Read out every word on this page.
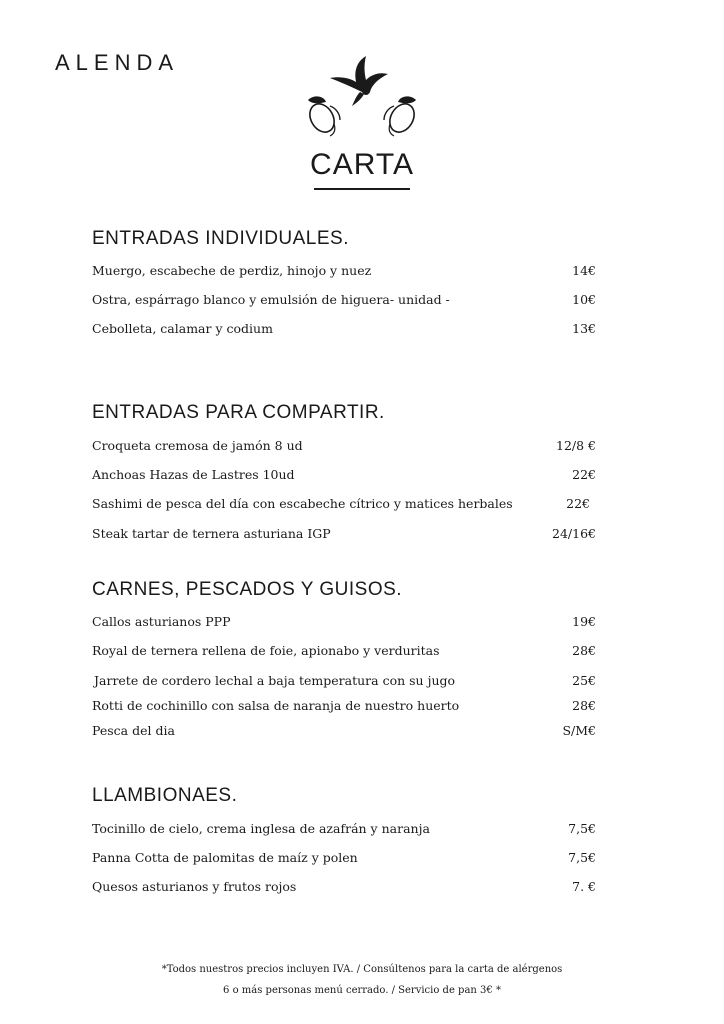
ALENDA
CARTA
ENTRADAS INDIVIDUALES.
Muergo, escabeche de perdiz, hinojo y nuez	14€
Ostra, espárrago blanco y emulsión de higuera- unidad -	10€
Cebolleta, calamar y codium	13€
ENTRADAS PARA COMPARTIR.
Croqueta cremosa de jamón 8 ud	12/8 €
Anchoas Hazas de Lastres 10ud	22€
Sashimi de pesca del día con escabeche cítrico y matices herbales	22€
Steak tartar de ternera asturiana IGP	24/16€
CARNES, PESCADOS Y GUISOS.
Callos asturianos PPP	19€
Royal de ternera rellena de foie, apionabo y verduritas	28€
Jarrete de cordero lechal a baja temperatura con su jugo	25€
Rotti de cochinillo con salsa de naranja de nuestro huerto	28€
Pesca del dia	S/M€
LLAMBIONAES.
Tocinillo de cielo, crema inglesa de azafrán y naranja	7,5€
Panna Cotta de palomitas de maíz y polen	7,5€
Quesos asturianos y frutos rojos	7. €
*Todos nuestros precios incluyen IVA. / Consúltenos para la carta de alérgenos
6 o más personas menú cerrado. / Servicio de pan 3€ *
